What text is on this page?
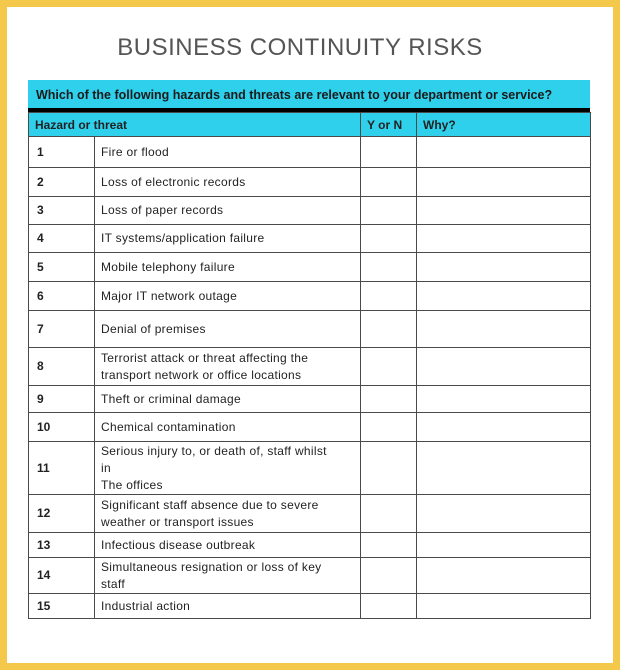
BUSINESS CONTINUITY RISKS
Which of the following hazards and threats are relevant to your department or service?
Hazard or threat		Y or N	Why?
1	Fire or flood		

2	Loss of electronic records		

3	Loss of paper records		

4	IT systems/application failure		

5	Mobile telephony failure		

6	Major IT network outage		

7	Denial of premises		

8	Terrorist attack or threat affecting the
transport network or office locations		

9	Theft or criminal damage		

10	Chemical contamination		

11	Serious injury to, or death of, staff whilst
in
The offices		

12	Significant staff absence due to severe
weather or transport issues		

13	Infectious disease outbreak		

14	Simultaneous resignation or loss of key
staff		

15	Industrial action		
